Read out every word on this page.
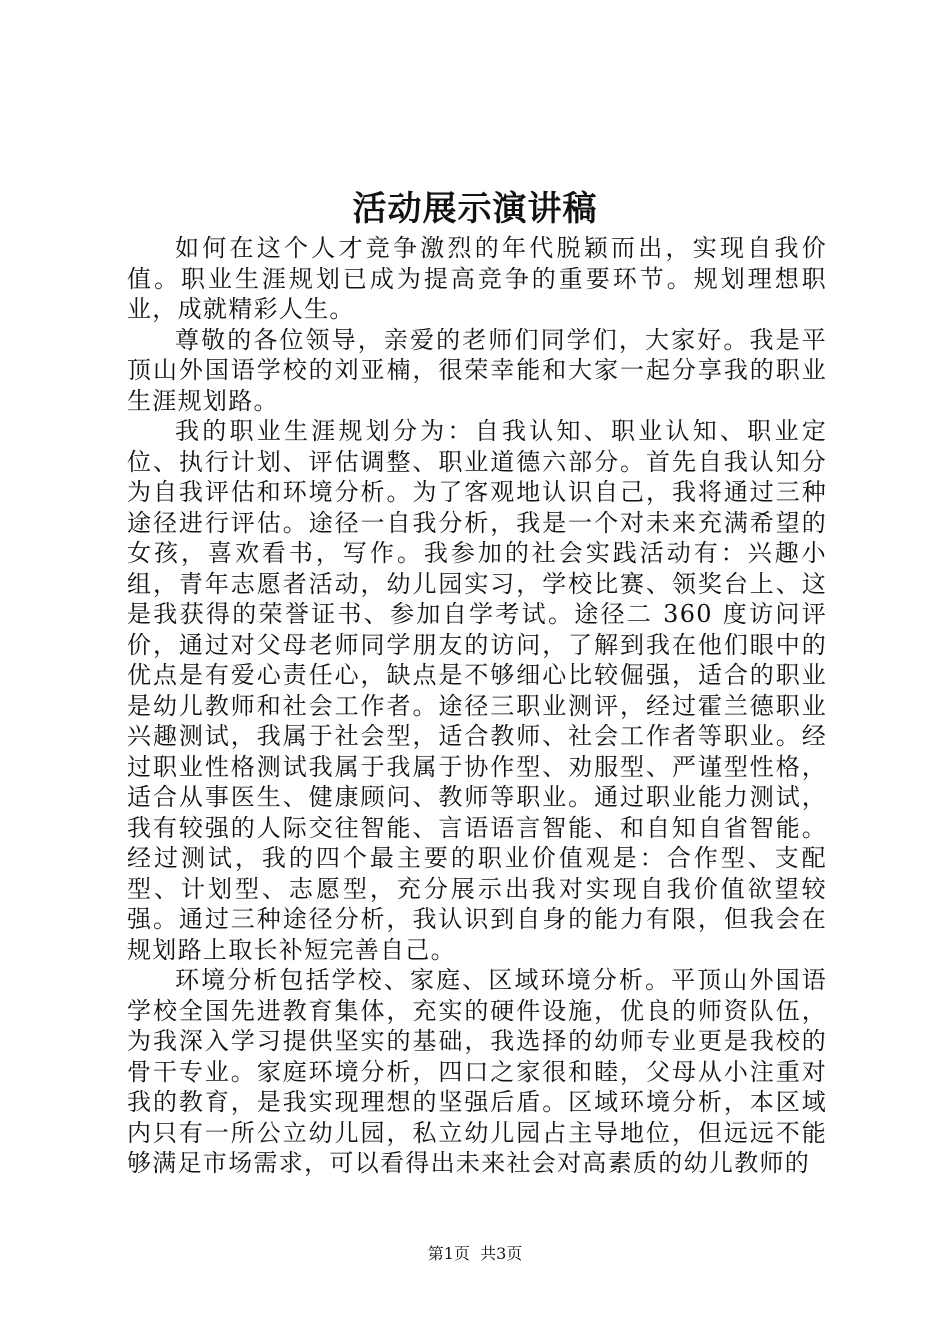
活动展示演讲稿

如何在这个人才竞争激烈的年代脱颖而出，实现自我价值。职业生涯规划已成为提高竞争的重要环节。规划理想职业，成就精彩人生。

尊敬的各位领导，亲爱的老师们同学们，大家好。我是平顶山外国语学校的刘亚楠，很荣幸能和大家一起分享我的职业生涯规划路。

我的职业生涯规划分为：自我认知、职业认知、职业定位、执行计划、评估调整、职业道德六部分。首先自我认知分为自我评估和环境分析。为了客观地认识自己，我将通过三种途径进行评估。途径一自我分析，我是一个对未来充满希望的女孩，喜欢看书，写作。我参加的社会实践活动有：兴趣小组，青年志愿者活动，幼儿园实习，学校比赛、领奖台上、这是我获得的荣誉证书、参加自学考试。途径二 360 度访问评价，通过对父母老师同学朋友的访问，了解到我在他们眼中的优点是有爱心责任心，缺点是不够细心比较倔强，适合的职业是幼儿教师和社会工作者。途径三职业测评，经过霍兰德职业兴趣测试，我属于社会型，适合教师、社会工作者等职业。经过职业性格测试我属于我属于协作型、劝服型、严谨型性格，适合从事医生、健康顾问、教师等职业。通过职业能力测试，我有较强的人际交往智能、言语语言智能、和自知自省智能。经过测试，我的四个最主要的职业价值观是：合作型、支配型、计划型、志愿型，充分展示出我对实现自我价值欲望较强。通过三种途径分析，我认识到自身的能力有限，但我会在规划路上取长补短完善自己。

环境分析包括学校、家庭、区域环境分析。平顶山外国语学校全国先进教育集体，充实的硬件设施，优良的师资队伍，为我深入学习提供坚实的基础，我选择的幼师专业更是我校的骨干专业。家庭环境分析，四口之家很和睦，父母从小注重对我的教育，是我实现理想的坚强后盾。区域环境分析，本区域内只有一所公立幼儿园，私立幼儿园占主导地位，但远远不能够满足市场需求，可以看得出未来社会对高素质的幼儿教师的

第1页 共3页
